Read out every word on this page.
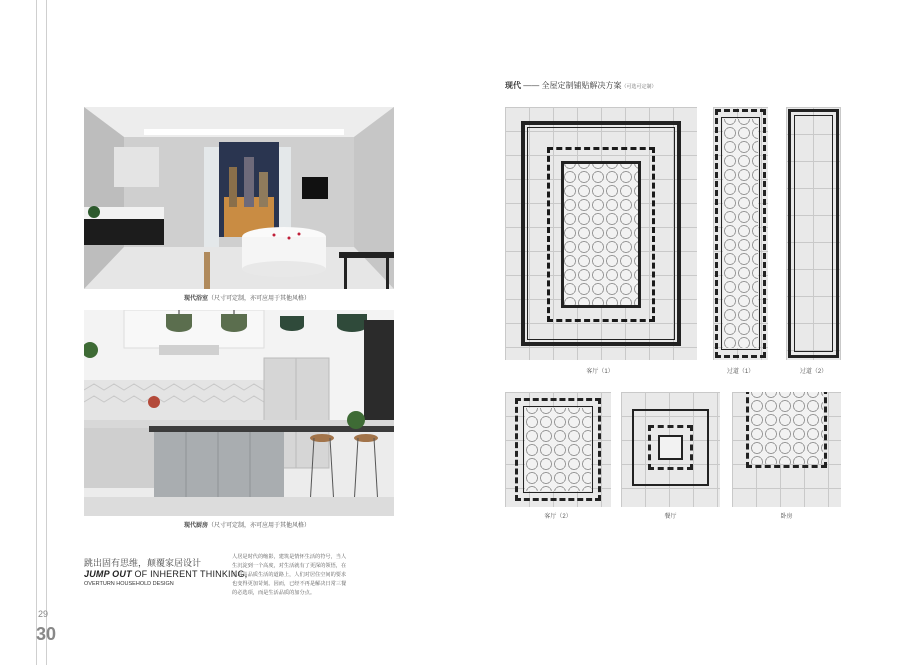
现代浴室（尺寸可定制，亦可应用于其他风格）
现代厨房（尺寸可定制，亦可应用于其他风格）
跳出固有思维，颠覆家居设计
JUMP OUT OF INHERENT THINKING,
OVERTURN HOUSEHOLD DESIGN
人居是时代的缩影，建筑是情怀生活的符号，当人生沉淀到一个高度，对生活就有了更深的领悟，在追求高品质生活的道路上，人们对居住空间的要求也变得更加苛刻。因而，已经不再是解决日常三餐的必选项，而是生活品质的加分点。
29
30
现代 —— 全屋定制铺贴解决方案（可选可定制）
客厅（1）	过道（1）	过道（2）
客厅（2）	餐厅	卧房
